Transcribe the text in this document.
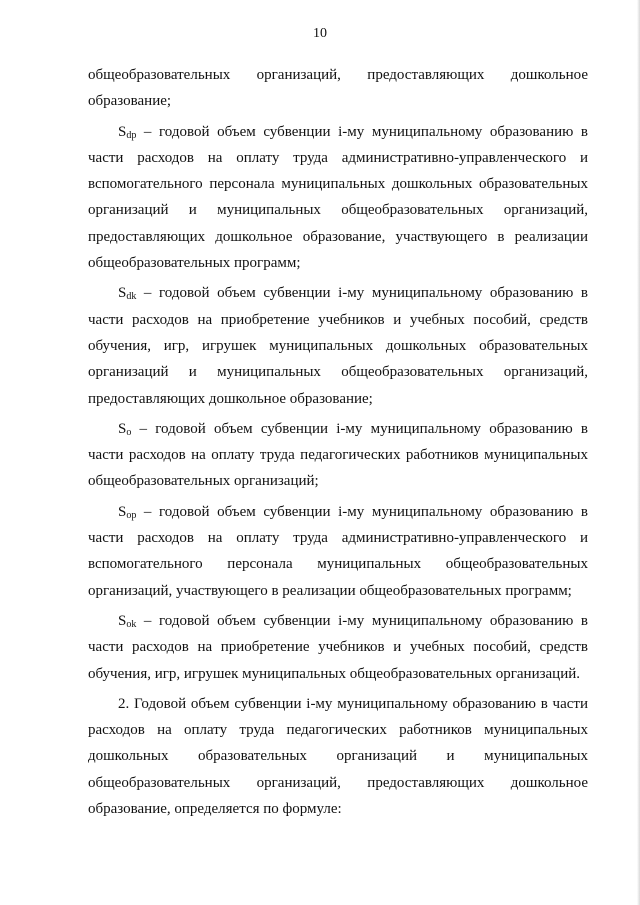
10

общеобразовательных организаций, предоставляющих дошкольное образование;

$S_{dp}$ – годовой объем субвенции i-му муниципальному образованию в части расходов на оплату труда административно-управленческого и вспомогательного персонала муниципальных дошкольных образовательных организаций и муниципальных общеобразовательных организаций, предоставляющих дошкольное образование, участвующего в реализации общеобразовательных программ;

$S_{dk}$ – годовой объем субвенции i-му муниципальному образованию в части расходов на приобретение учебников и учебных пособий, средств обучения, игр, игрушек муниципальных дошкольных образовательных организаций и муниципальных общеобразовательных организаций, предоставляющих дошкольное образование;

$S_o$ – годовой объем субвенции i-му муниципальному образованию в части расходов на оплату труда педагогических работников муниципальных общеобразовательных организаций;

$S_{op}$ – годовой объем субвенции i-му муниципальному образованию в части расходов на оплату труда административно-управленческого и вспомогательного персонала муниципальных общеобразовательных организаций, участвующего в реализации общеобразовательных программ;

$S_{ok}$ – годовой объем субвенции i-му муниципальному образованию в части расходов на приобретение учебников и учебных пособий, средств обучения, игр, игрушек муниципальных общеобразовательных организаций.

2. Годовой объем субвенции i-му муниципальному образованию в части расходов на оплату труда педагогических работников муниципальных дошкольных образовательных организаций и муниципальных общеобразовательных организаций, предоставляющих дошкольное образование, определяется по формуле:
